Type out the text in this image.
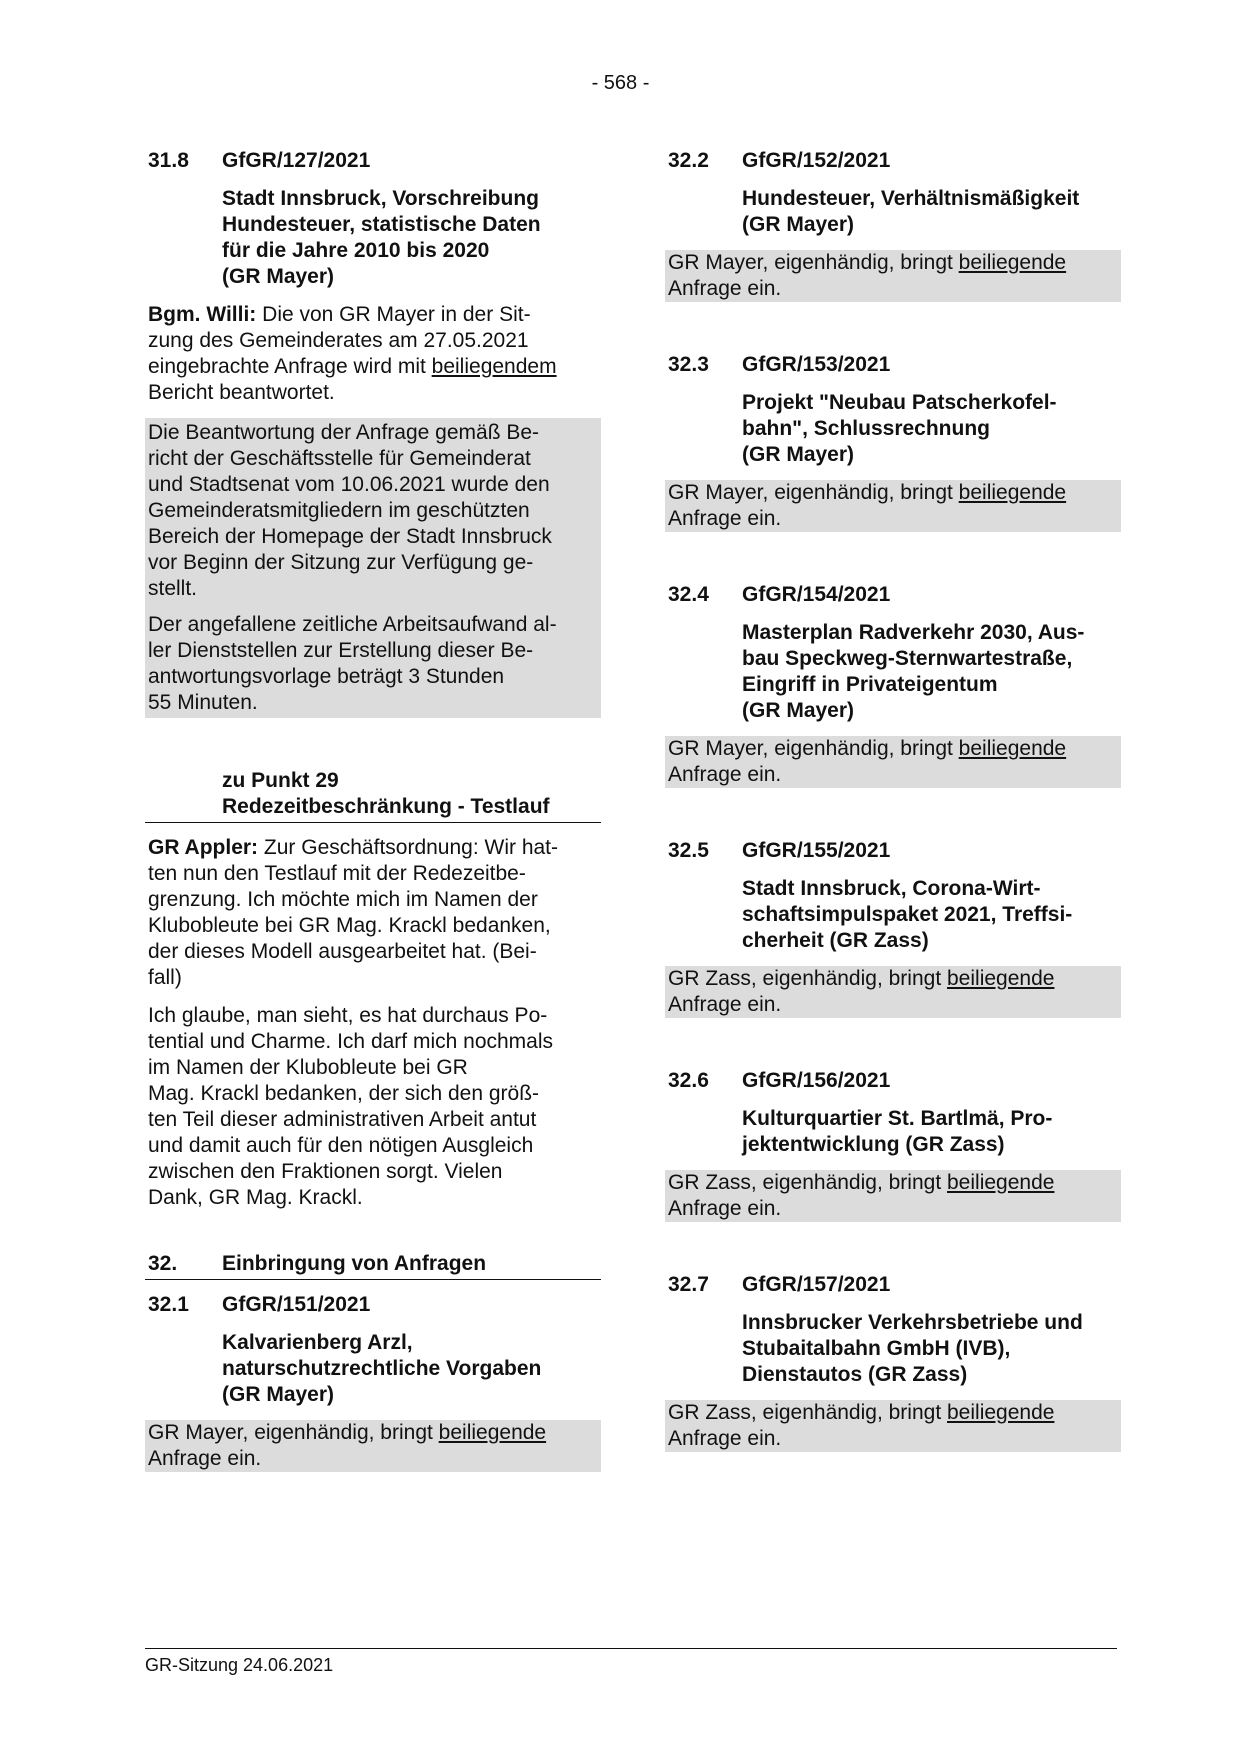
- 568 -
31.8	GfGR/127/2021
Stadt Innsbruck, Vorschreibung
Hundesteuer, statistische Daten
für die Jahre 2010 bis 2020
(GR Mayer)
Bgm. Willi: Die von GR Mayer in der Sit-
zung des Gemeinderates am 27.05.2021
eingebrachte Anfrage wird mit beiliegendem
Bericht beantwortet.
Die Beantwortung der Anfrage gemäß Be-
richt der Geschäftsstelle für Gemeinderat
und Stadtsenat vom 10.06.2021 wurde den
Gemeinderatsmitgliedern im geschützten
Bereich der Homepage der Stadt Innsbruck
vor Beginn der Sitzung zur Verfügung ge-
stellt.
Der angefallene zeitliche Arbeitsaufwand al-
ler Dienststellen zur Erstellung dieser Be-
antwortungsvorlage beträgt 3 Stunden
55 Minuten.
zu Punkt 29
Redezeitbeschränkung - Testlauf
GR Appler: Zur Geschäftsordnung: Wir hat-
ten nun den Testlauf mit der Redezeitbe-
grenzung. Ich möchte mich im Namen der
Klubobleute bei GR Mag. Krackl bedanken,
der dieses Modell ausgearbeitet hat. (Bei-
fall)
Ich glaube, man sieht, es hat durchaus Po-
tential und Charme. Ich darf mich nochmals
im Namen der Klubobleute bei GR
Mag. Krackl bedanken, der sich den größ-
ten Teil dieser administrativen Arbeit antut
und damit auch für den nötigen Ausgleich
zwischen den Fraktionen sorgt. Vielen
Dank, GR Mag. Krackl.
32.	Einbringung von Anfragen
32.1	GfGR/151/2021
Kalvarienberg Arzl,
naturschutzrechtliche Vorgaben
(GR Mayer)
GR Mayer, eigenhändig, bringt beiliegende
Anfrage ein.
32.2	GfGR/152/2021
Hundesteuer, Verhältnismäßigkeit
(GR Mayer)
GR Mayer, eigenhändig, bringt beiliegende
Anfrage ein.
32.3	GfGR/153/2021
Projekt "Neubau Patscherkofel-
bahn", Schlussrechnung
(GR Mayer)
GR Mayer, eigenhändig, bringt beiliegende
Anfrage ein.
32.4	GfGR/154/2021
Masterplan Radverkehr 2030, Aus-
bau Speckweg-Sternwartestraße,
Eingriff in Privateigentum
(GR Mayer)
GR Mayer, eigenhändig, bringt beiliegende
Anfrage ein.
32.5	GfGR/155/2021
Stadt Innsbruck, Corona-Wirt-
schaftsimpulspaket 2021, Treffsi-
cherheit (GR Zass)
GR Zass, eigenhändig, bringt beiliegende
Anfrage ein.
32.6	GfGR/156/2021
Kulturquartier St. Bartlmä, Pro-
jektentwicklung (GR Zass)
GR Zass, eigenhändig, bringt beiliegende
Anfrage ein.
32.7	GfGR/157/2021
Innsbrucker Verkehrsbetriebe und
Stubaitalbahn GmbH (IVB),
Dienstautos (GR Zass)
GR Zass, eigenhändig, bringt beiliegende
Anfrage ein.
GR-Sitzung 24.06.2021
